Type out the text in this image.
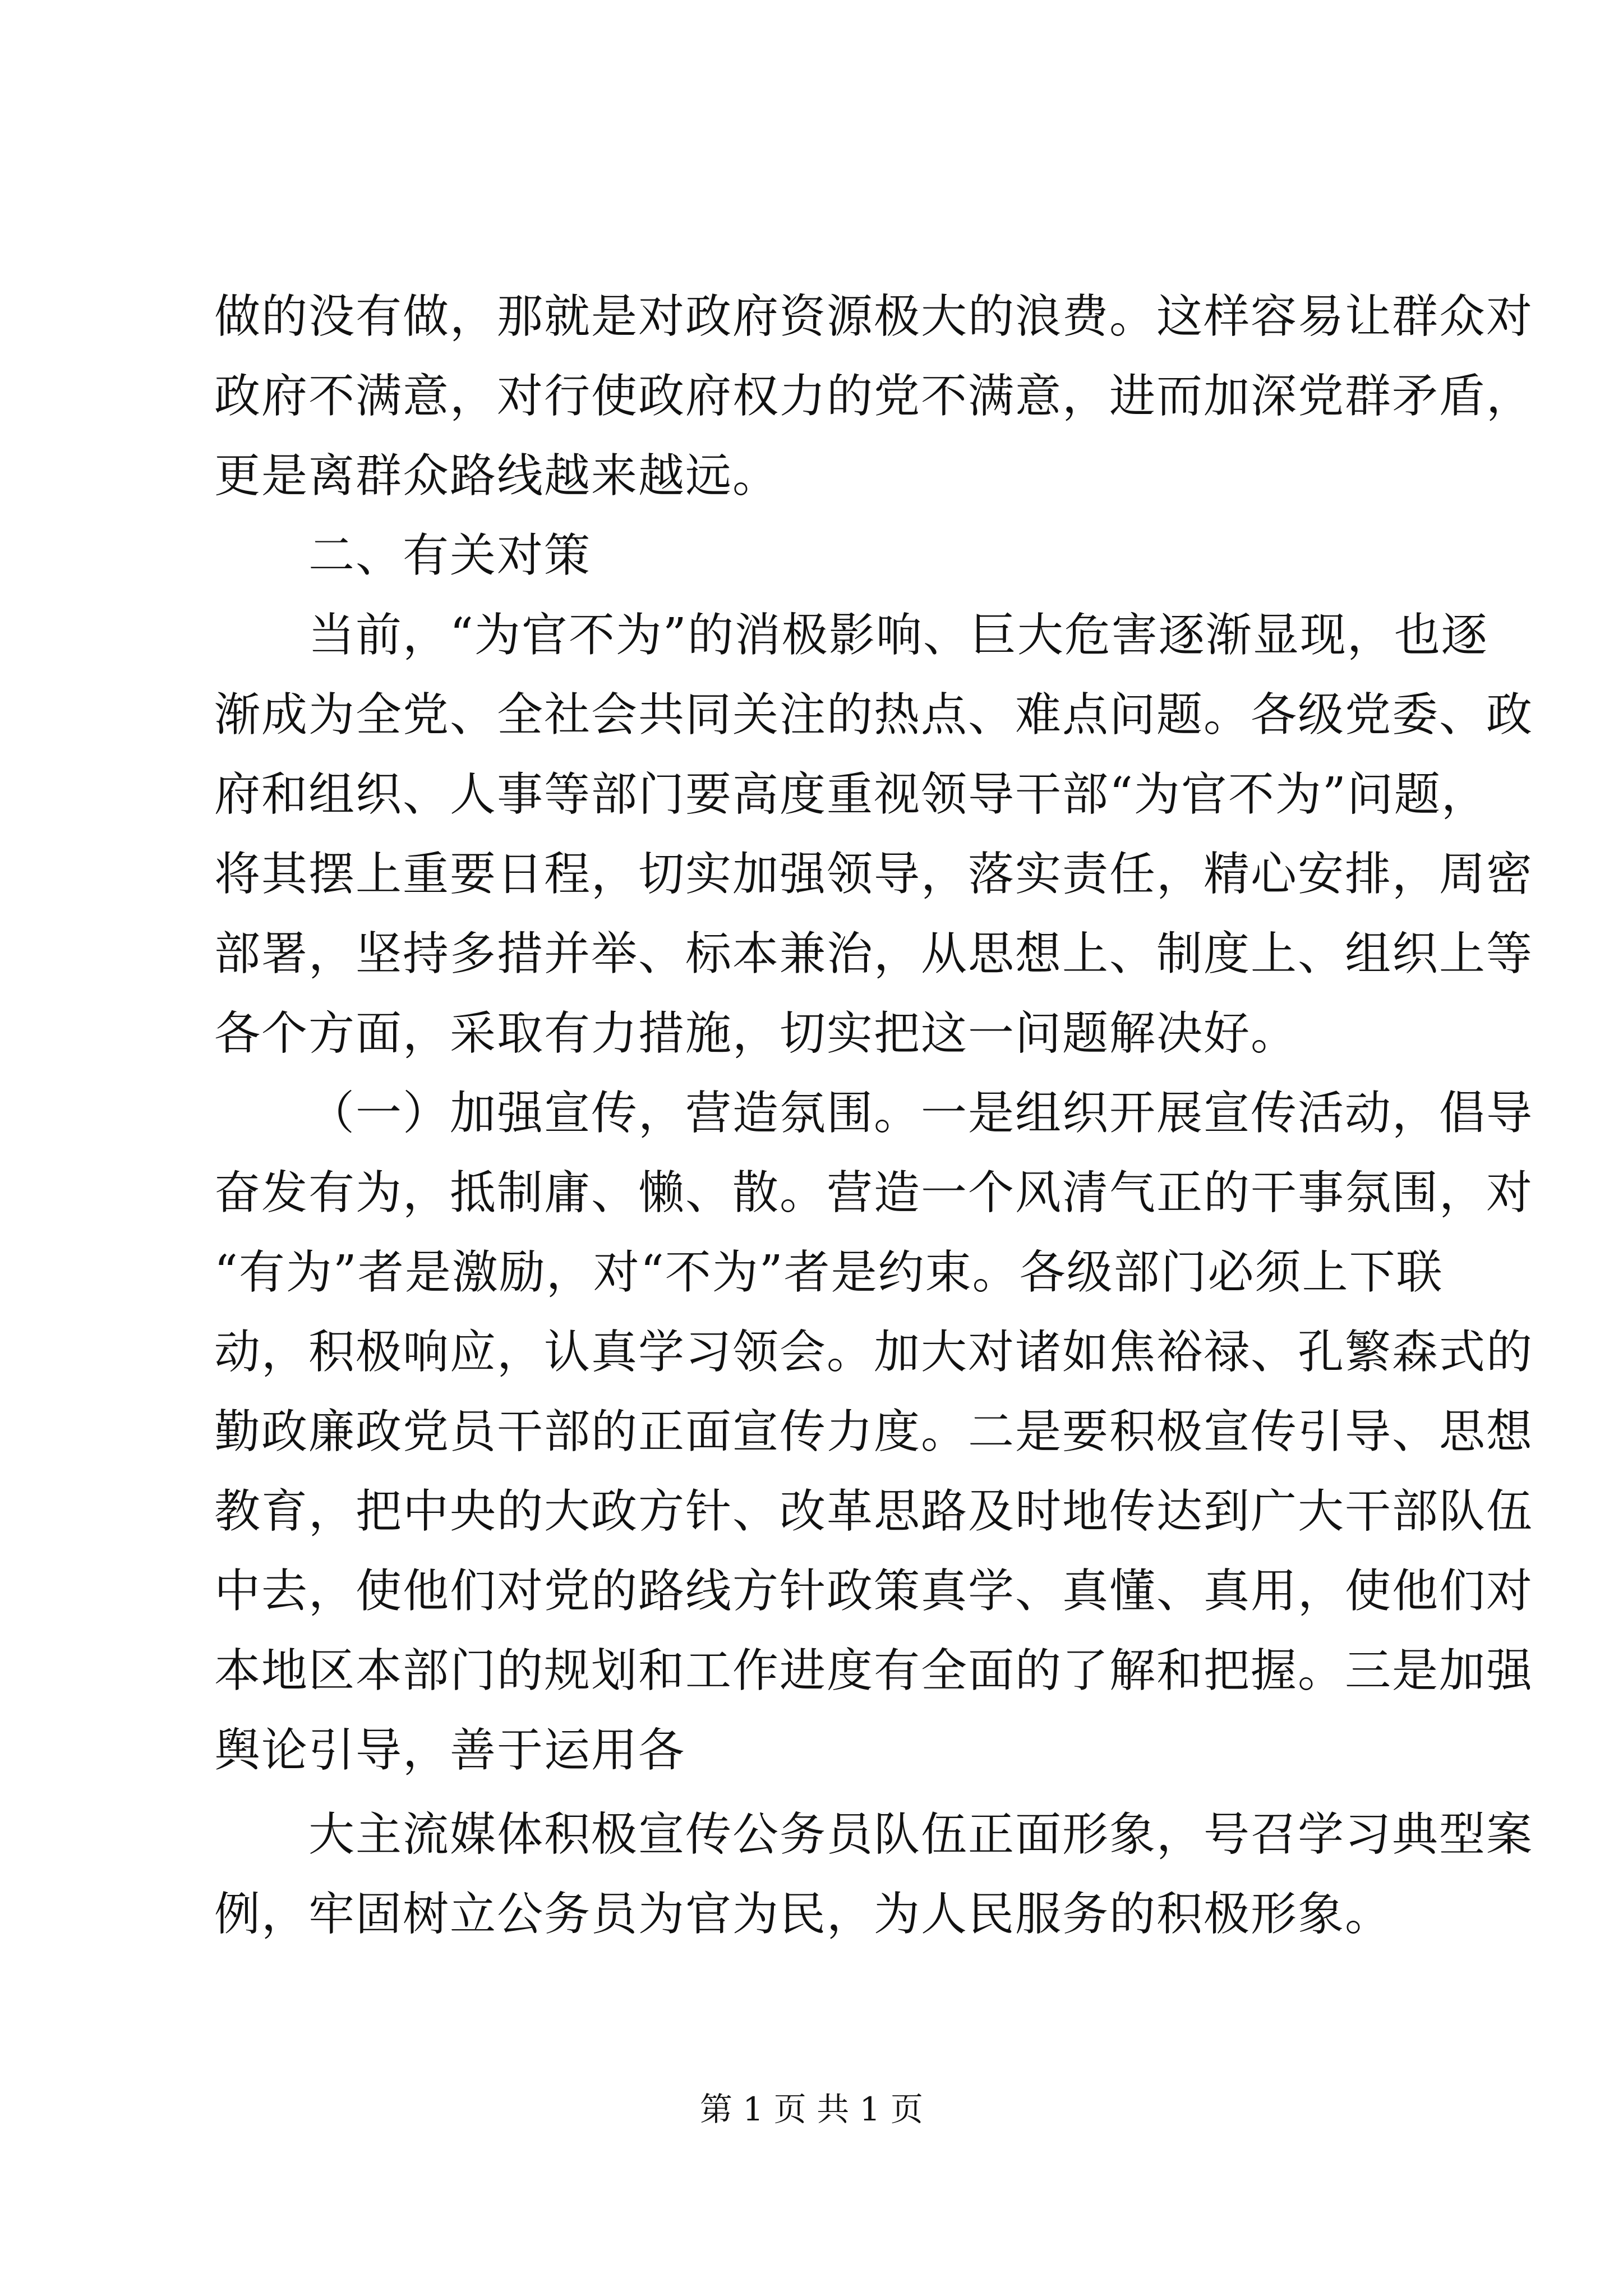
做的没有做，那就是对政府资源极大的浪费。这样容易让群众对
政府不满意，对行使政府权力的党不满意，进而加深党群矛盾，
更是离群众路线越来越远。
二、有关对策
当前，“为官不为”的消极影响、巨大危害逐渐显现，也逐
渐成为全党、全社会共同关注的热点、难点问题。各级党委、政
府和组织、人事等部门要高度重视领导干部“为官不为”问题，
将其摆上重要日程，切实加强领导，落实责任，精心安排，周密
部署，坚持多措并举、标本兼治，从思想上、制度上、组织上等
各个方面，采取有力措施，切实把这一问题解决好。
（一）加强宣传，营造氛围。一是组织开展宣传活动，倡导
奋发有为，抵制庸、懒、散。营造一个风清气正的干事氛围，对
“有为”者是激励，对“不为”者是约束。各级部门必须上下联
动，积极响应，认真学习领会。加大对诸如焦裕禄、孔繁森式的
勤政廉政党员干部的正面宣传力度。二是要积极宣传引导、思想
教育，把中央的大政方针、改革思路及时地传达到广大干部队伍
中去，使他们对党的路线方针政策真学、真懂、真用，使他们对
本地区本部门的规划和工作进度有全面的了解和把握。三是加强
舆论引导，善于运用各
大主流媒体积极宣传公务员队伍正面形象，号召学习典型案
例，牢固树立公务员为官为民，为人民服务的积极形象。
第 1 页 共 1 页
